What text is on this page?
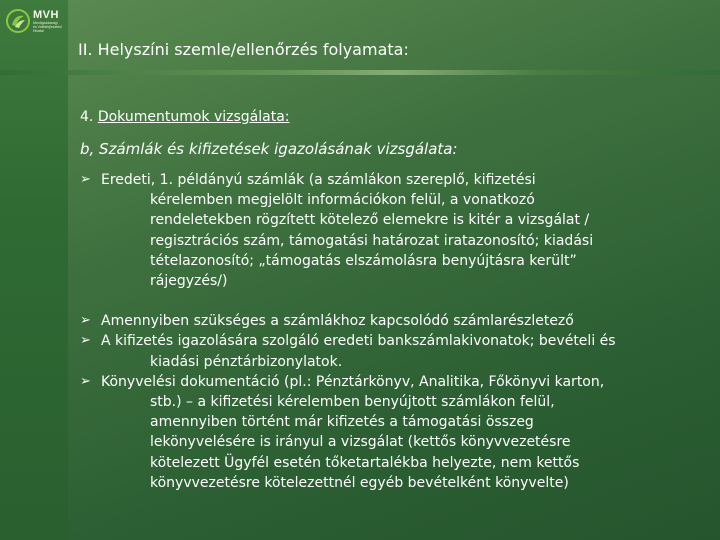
MVH
Mezőgazdasági
és Vidékfejlesztési
Hivatal
II. Helyszíni szemle/ellenőrzés folyamata:
4. Dokumentumok vizsgálata:
b, Számlák és kifizetések igazolásának vizsgálata:
➢ Eredeti, 1. példányú számlák (a számlákon szereplő, kifizetési
kérelemben megjelölt információkon felül, a vonatkozó
rendeletekben rögzített kötelező elemekre is kitér a vizsgálat /
regisztrációs szám, támogatási határozat iratazonosító; kiadási
tételazonosító; „támogatás elszámolásra benyújtásra került”
rájegyzés/)
➢ Amennyiben szükséges a számlákhoz kapcsolódó számlarészletező
➢ A kifizetés igazolására szolgáló eredeti bankszámlakivonatok; bevételi és
kiadási pénztárbizonylatok.
➢ Könyvelési dokumentáció (pl.: Pénztárkönyv, Analitika, Főkönyvi karton,
stb.) – a kifizetési kérelemben benyújtott számlákon felül,
amennyiben történt már kifizetés a támogatási összeg
lekönyvelésére is irányul a vizsgálat (kettős könyvvezetésre
kötelezett Ügyfél esetén tőketartalékba helyezte, nem kettős
könyvvezetésre kötelezettnél egyéb bevételként könyvelte)
